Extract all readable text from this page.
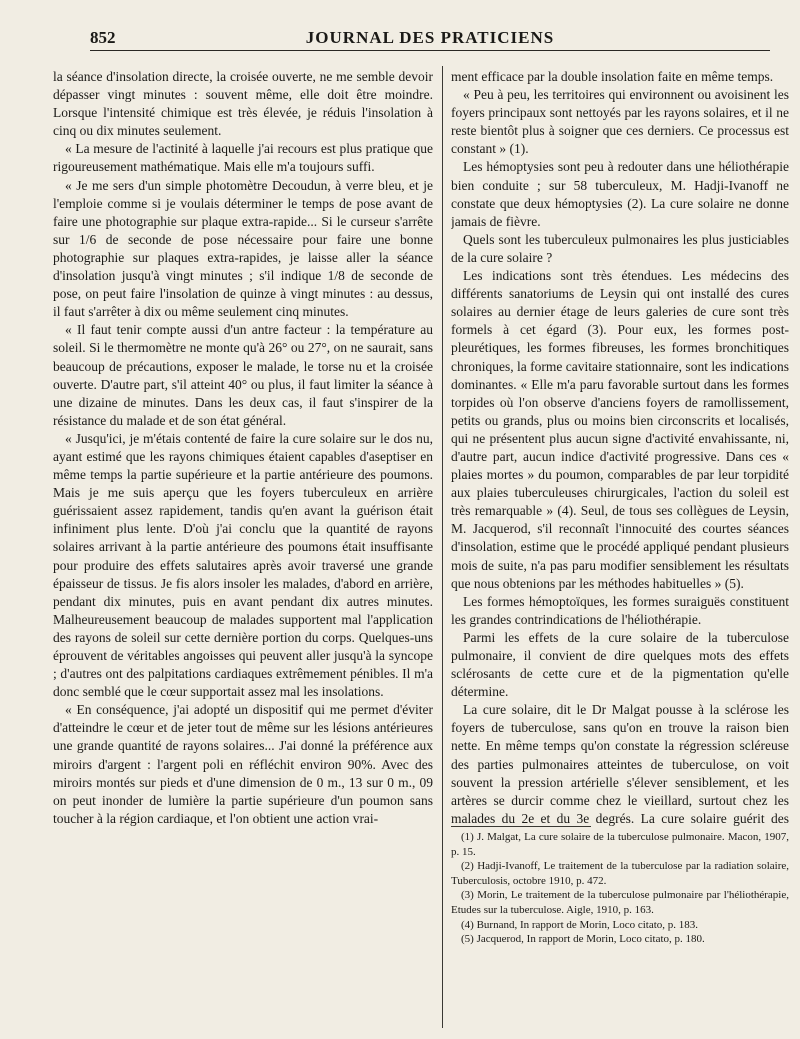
852	JOURNAL DES PRATICIENS

la séance d'insolation directe, la croisée ouverte, ne me semble devoir dépasser vingt minutes : souvent même, elle doit être moindre. Lorsque l'intensité chimique est très élevée, je réduis l'insolation à cinq ou dix minutes seulement.

« La mesure de l'actinité à laquelle j'ai recours est plus pratique que rigoureusement mathématique. Mais elle m'a toujours suffi.

« Je me sers d'un simple photomètre Decoudun, à verre bleu, et je l'emploie comme si je voulais déterminer le temps de pose avant de faire une photographie sur plaque extra-rapide... Si le curseur s'arrête sur 1/6 de seconde de pose nécessaire pour faire une bonne photographie sur plaques extra-rapides, je laisse aller la séance d'insolation jusqu'à vingt minutes ; s'il indique 1/8 de seconde de pose, on peut faire l'insolation de quinze à vingt minutes : au dessus, il faut s'arrêter à dix ou même seulement cinq minutes.

« Il faut tenir compte aussi d'un antre facteur : la température au soleil. Si le thermomètre ne monte qu'à 26° ou 27°, on ne saurait, sans beaucoup de précautions, exposer le malade, le torse nu et la croisée ouverte. D'autre part, s'il atteint 40° ou plus, il faut limiter la séance à une dizaine de minutes. Dans les deux cas, il faut s'inspirer de la résistance du malade et de son état général.

« Jusqu'ici, je m'étais contenté de faire la cure solaire sur le dos nu, ayant estimé que les rayons chimiques étaient capables d'aseptiser en même temps la partie supérieure et la partie antérieure des poumons. Mais je me suis aperçu que les foyers tuberculeux en arrière guérissaient assez rapidement, tandis qu'en avant la guérison était infiniment plus lente. D'où j'ai conclu que la quantité de rayons solaires arrivant à la partie antérieure des poumons était insuffisante pour produire des effets salutaires après avoir traversé une grande épaisseur de tissus. Je fis alors insoler les malades, d'abord en arrière, pendant dix minutes, puis en avant pendant dix autres minutes. Malheureusement beaucoup de malades supportent mal l'application des rayons de soleil sur cette dernière portion du corps. Quelques-uns éprouvent de véritables angoisses qui peuvent aller jusqu'à la syncope ; d'autres ont des palpitations cardiaques extrêmement pénibles. Il m'a donc semblé que le cœur supportait assez mal les insolations.

« En conséquence, j'ai adopté un dispositif qui me permet d'éviter d'atteindre le cœur et de jeter tout de même sur les lésions antérieures une grande quantité de rayons solaires... J'ai donné la préférence aux miroirs d'argent : l'argent poli en réfléchit environ 90%. Avec des miroirs montés sur pieds et d'une dimension de 0 m., 13 sur 0 m., 09 on peut inonder de lumière la partie supérieure d'un poumon sans toucher à la région cardiaque, et l'on obtient une action vrai-

ment efficace par la double insolation faite en même temps.

« Peu à peu, les territoires qui environnent ou avoisinent les foyers principaux sont nettoyés par les rayons solaires, et il ne reste bientôt plus à soigner que ces derniers. Ce processus est constant » (1).

Les hémoptysies sont peu à redouter dans une héliothérapie bien conduite ; sur 58 tuberculeux, M. Hadji-Ivanoff ne constate que deux hémoptysies (2). La cure solaire ne donne jamais de fièvre.

Quels sont les tuberculeux pulmonaires les plus justiciables de la cure solaire ?

Les indications sont très étendues. Les médecins des différents sanatoriums de Leysin qui ont installé des cures solaires au dernier étage de leurs galeries de cure sont très formels à cet égard (3). Pour eux, les formes post-pleurétiques, les formes fibreuses, les formes bronchitiques chroniques, la forme cavitaire stationnaire, sont les indications dominantes. « Elle m'a paru favorable surtout dans les formes torpides où l'on observe d'anciens foyers de ramollissement, petits ou grands, plus ou moins bien circonscrits et localisés, qui ne présentent plus aucun signe d'activité envahissante, ni, d'autre part, aucun indice d'activité progressive. Dans ces « plaies mortes » du poumon, comparables de par leur torpidité aux plaies tuberculeuses chirurgicales, l'action du soleil est très remarquable » (4). Seul, de tous ses collègues de Leysin, M. Jacquerod, s'il reconnaît l'innocuité des courtes séances d'insolation, estime que le procédé appliqué pendant plusieurs mois de suite, n'a pas paru modifier sensiblement les résultats que nous obtenions par les méthodes habituelles » (5).

Les formes hémoptoïques, les formes suraiguës constituent les grandes contrindications de l'héliothérapie.

Parmi les effets de la cure solaire de la tuberculose pulmonaire, il convient de dire quelques mots des effets sclérosants de cette cure et de la pigmentation qu'elle détermine.

La cure solaire, dit le Dr Malgat pousse à la sclérose les foyers de tuberculose, sans qu'on en trouve la raison bien nette. En même temps qu'on constate la régression scléreuse des parties pulmonaires atteintes de tuberculose, on voit souvent la pression artérielle s'élever sensiblement, et les artères se durcir comme chez le vieillard, surtout chez les malades du 2e et du 3e degrés. La cure solaire guérit des

(1) J. Malgat, La cure solaire de la tuberculose pulmonaire. Macon, 1907, p. 15.

(2) Hadji-Ivanoff, Le traitement de la tuberculose par la radiation solaire, Tuberculosis, octobre 1910, p. 472.

(3) Morin, Le traitement de la tuberculose pulmonaire par l'héliothérapie, Etudes sur la tuberculose. Aigle, 1910, p. 163.

(4) Burnand, In rapport de Morin, Loco citato, p. 183.

(5) Jacquerod, In rapport de Morin, Loco citato, p. 180.
